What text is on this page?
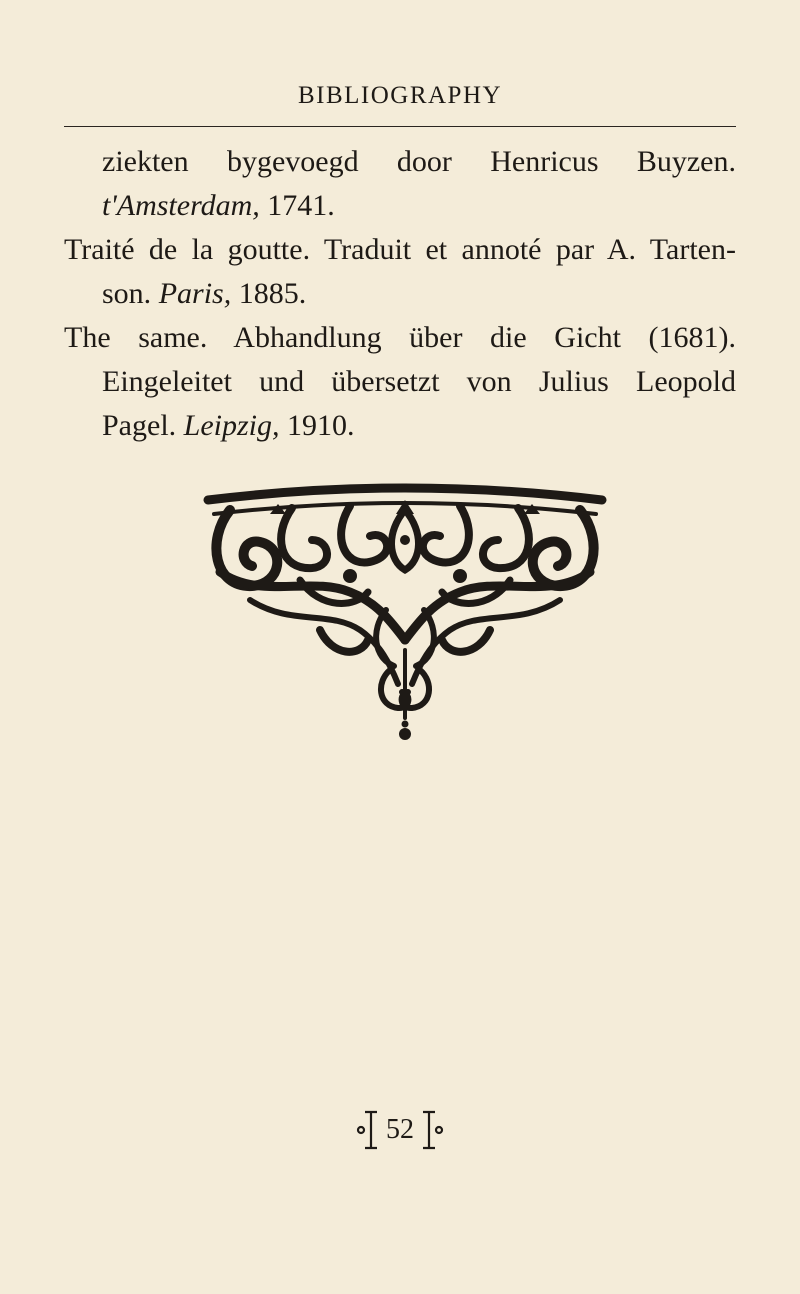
BIBLIOGRAPHY
ziekten bygevoegd door Henricus Buyzen.
t'Amsterdam, 1741.
Traité de la goutte. Traduit et annoté par A. Tarten-
son. Paris, 1885.
The same. Abhandlung über die Gicht (1681).
Eingeleitet und übersetzt von Julius Leopold
Pagel. Leipzig, 1910.
52
